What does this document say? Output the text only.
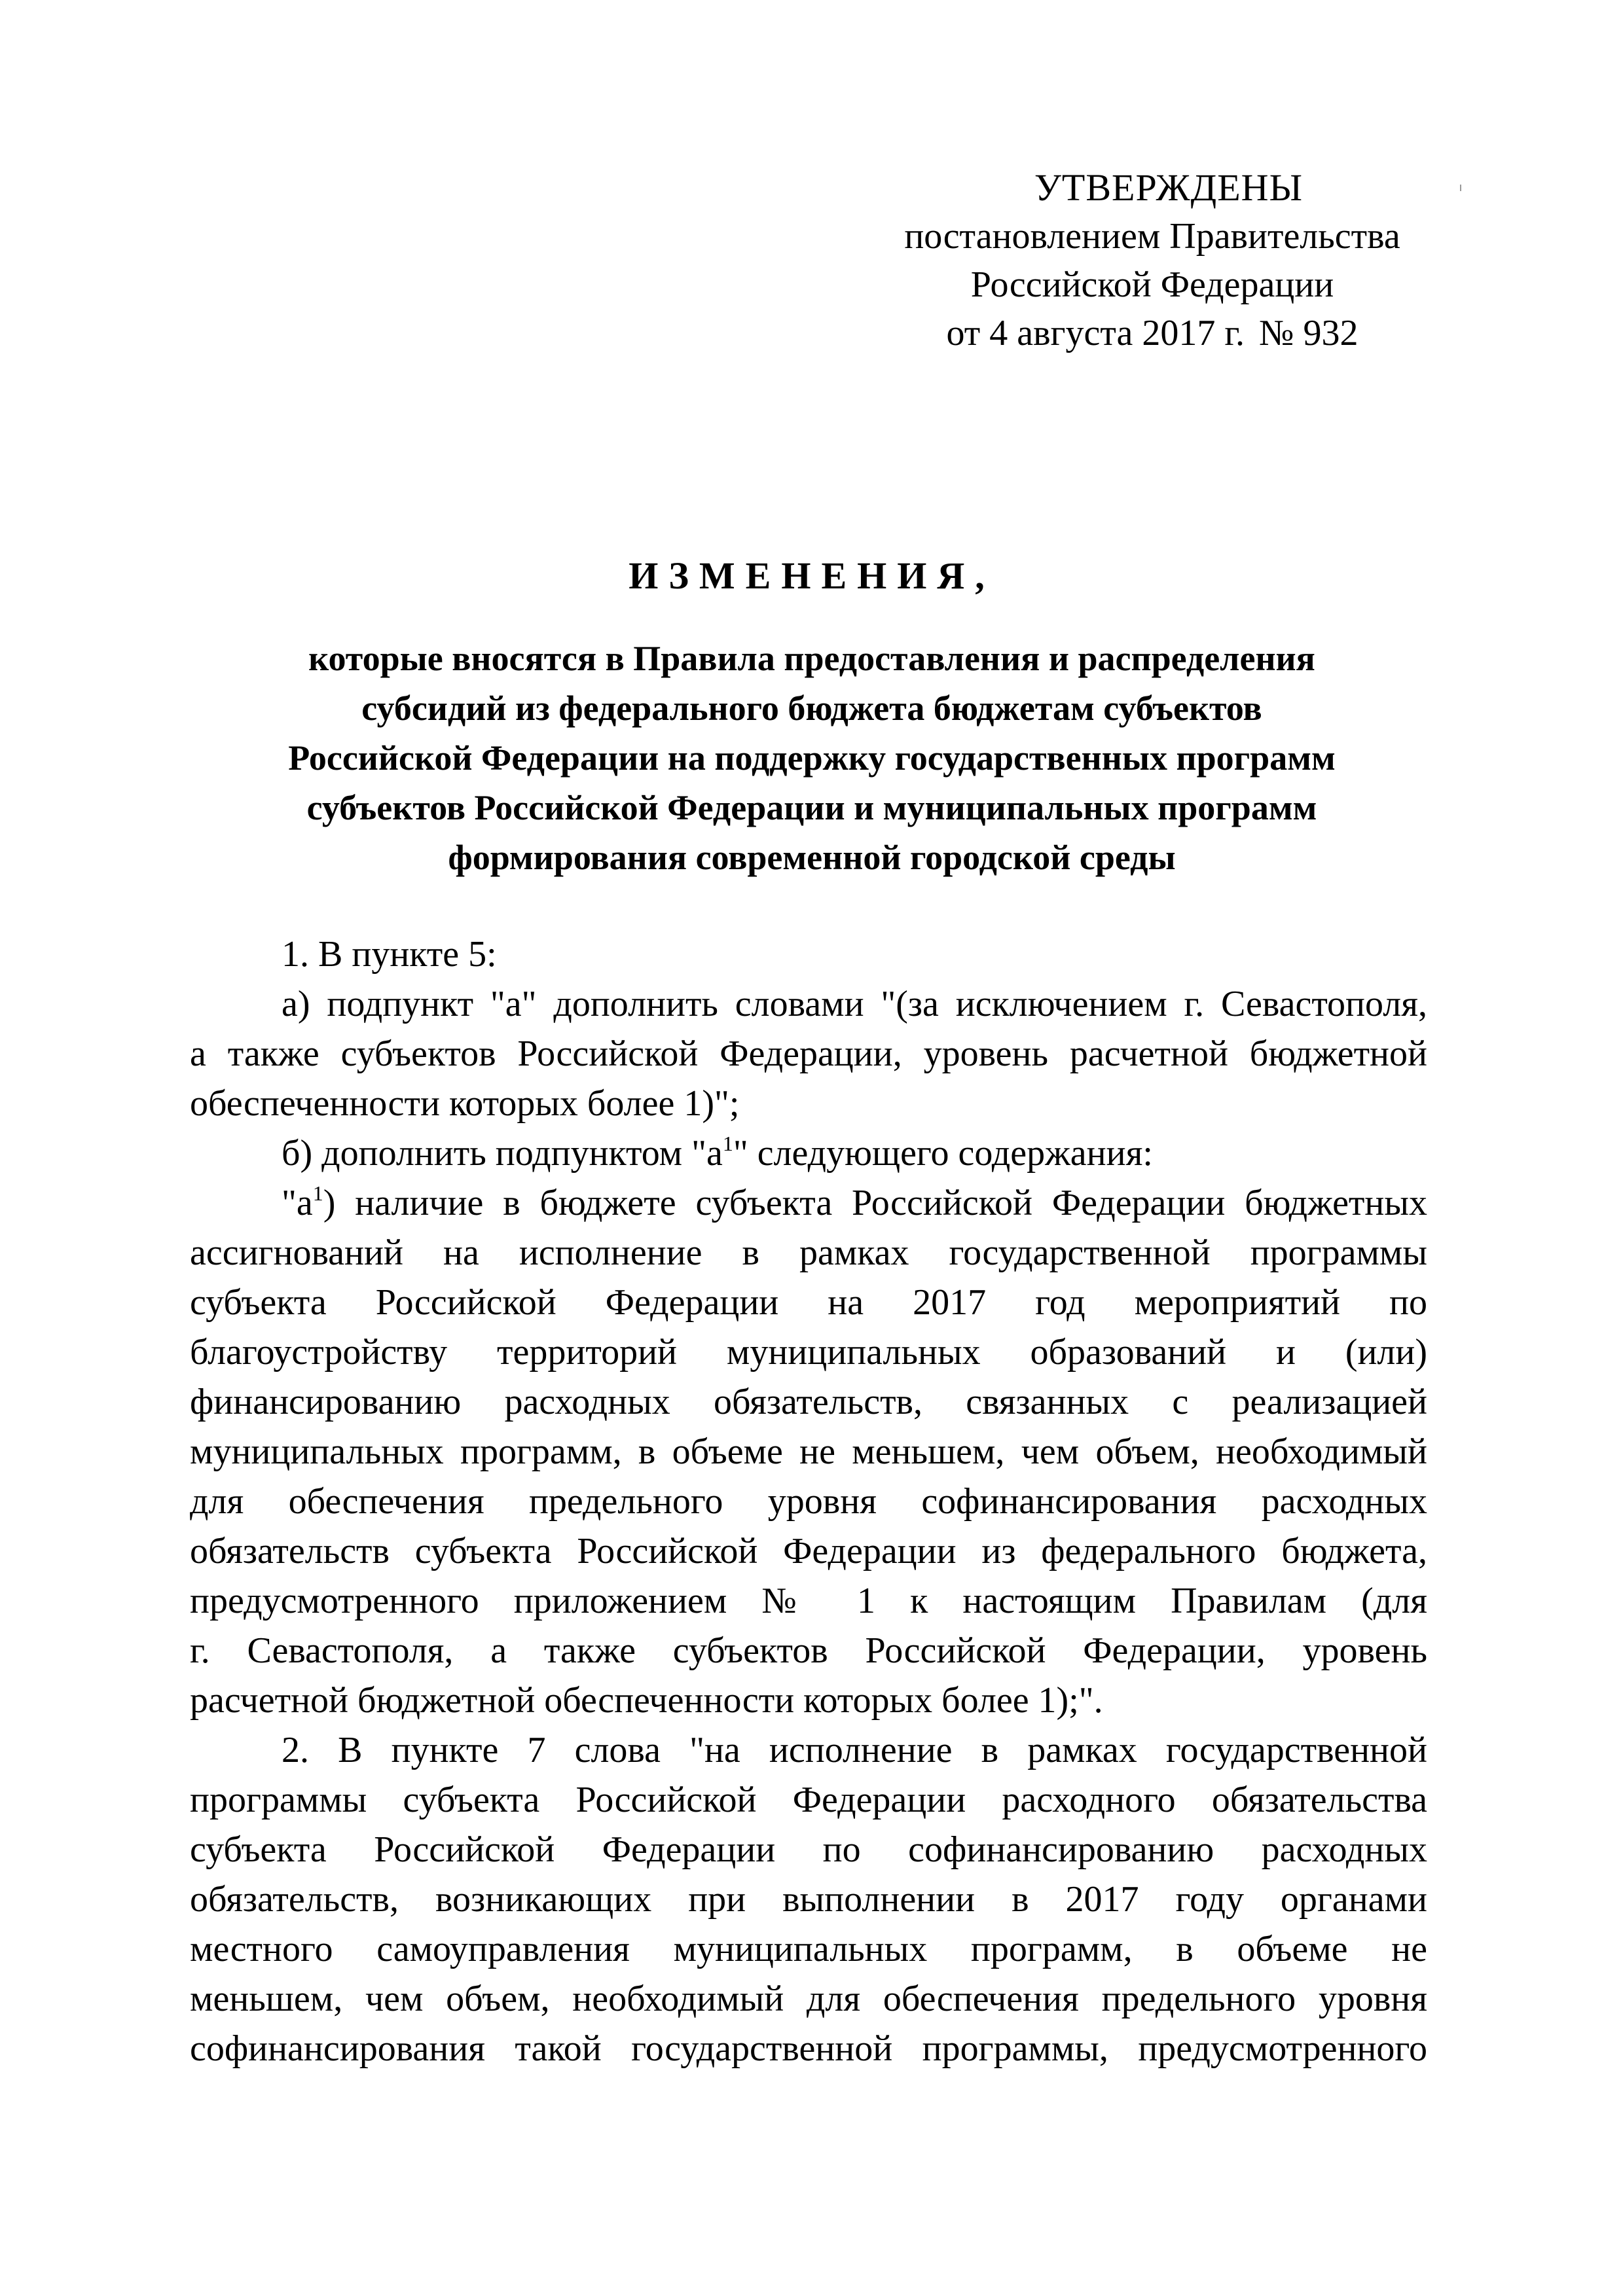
УТВЕРЖДЕНЫ
постановлением Правительства
Российской Федерации
от 4 августа 2017 г. № 932
ИЗМЕНЕНИЯ,
которые вносятся в Правила предоставления и распределения
субсидий из федерального бюджета бюджетам субъектов
Российской Федерации на поддержку государственных программ
субъектов Российской Федерации и муниципальных программ
формирования современной городской среды
1. В пункте 5:
а) подпункт "а" дополнить словами "(за исключением г. Севастополя,
а также субъектов Российской Федерации, уровень расчетной бюджетной
обеспеченности которых более 1)";
б) дополнить подпунктом "$а^1$" следующего содержания:
"$а^1$) наличие в бюджете субъекта Российской Федерации бюджетных
ассигнований на исполнение в рамках государственной программы
субъекта Российской Федерации на 2017 год мероприятий по
благоустройству территорий муниципальных образований и (или)
финансированию расходных обязательств, связанных с реализацией
муниципальных программ, в объеме не меньшем, чем объем, необходимый
для обеспечения предельного уровня софинансирования расходных
обязательств субъекта Российской Федерации из федерального бюджета,
предусмотренного приложением № 1 к настоящим Правилам (для
г. Севастополя, а также субъектов Российской Федерации, уровень
расчетной бюджетной обеспеченности которых более 1);".
2. В пункте 7 слова "на исполнение в рамках государственной
программы субъекта Российской Федерации расходного обязательства
субъекта Российской Федерации по софинансированию расходных
обязательств, возникающих при выполнении в 2017 году органами
местного самоуправления муниципальных программ, в объеме не
меньшем, чем объем, необходимый для обеспечения предельного уровня
софинансирования такой государственной программы, предусмотренного
